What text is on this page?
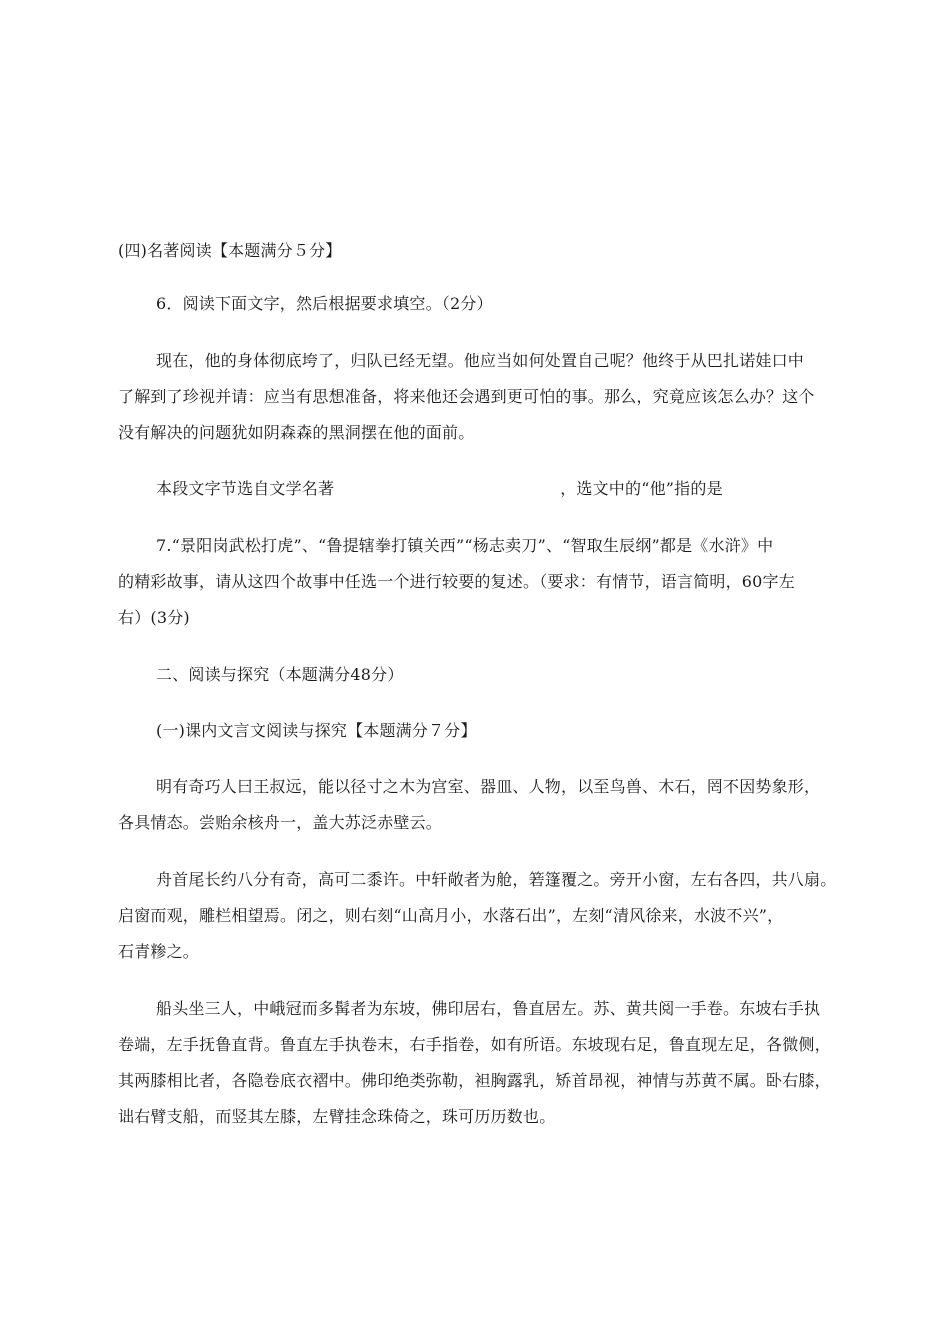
(四)名著阅读【本题满分５分】
6．阅读下面文字，然后根据要求填空。（2分）
现在，他的身体彻底垮了，归队已经无望。他应当如何处置自己呢？他终于从巴扎诺娃口中
了解到了珍视并请：应当有思想准备，将来他还会遇到更可怕的事。那么，究竟应该怎么办？这个
没有解决的问题犹如阴森森的黑洞摆在他的面前。
本段文字节选自文学名著	，选文中的“他”指的是
7.“景阳岗武松打虎”、“鲁提辖拳打镇关西”“杨志卖刀”、“智取生辰纲”都是《水浒》中
的精彩故事，请从这四个故事中任选一个进行较要的复述。（要求：有情节，语言简明，60字左
右）(3分)
二、阅读与探究（本题满分48分）
(一)课内文言文阅读与探究【本题满分７分】
明有奇巧人曰王叔远，能以径寸之木为宫室、器皿、人物，以至鸟兽、木石，罔不因势象形，
各具情态。尝贻余核舟一，盖大苏泛赤壁云。
舟首尾长约八分有奇，高可二黍许。中轩敞者为舱，箬篷覆之。旁开小窗，左右各四，共八扇。
启窗而观，雕栏相望焉。闭之，则右刻“山高月小，水落石出”，左刻“清风徐来，水波不兴”，
石青糁之。
船头坐三人，中峨冠而多髯者为东坡，佛印居右，鲁直居左。苏、黄共阅一手卷。东坡右手执
卷端，左手抚鲁直背。鲁直左手执卷末，右手指卷，如有所语。东坡现右足，鲁直现左足，各微侧，
其两膝相比者，各隐卷底衣褶中。佛印绝类弥勒，袒胸露乳，矫首昂视，神情与苏黄不属。卧右膝，
诎右臂支船，而竖其左膝，左臂挂念珠倚之，珠可历历数也。
